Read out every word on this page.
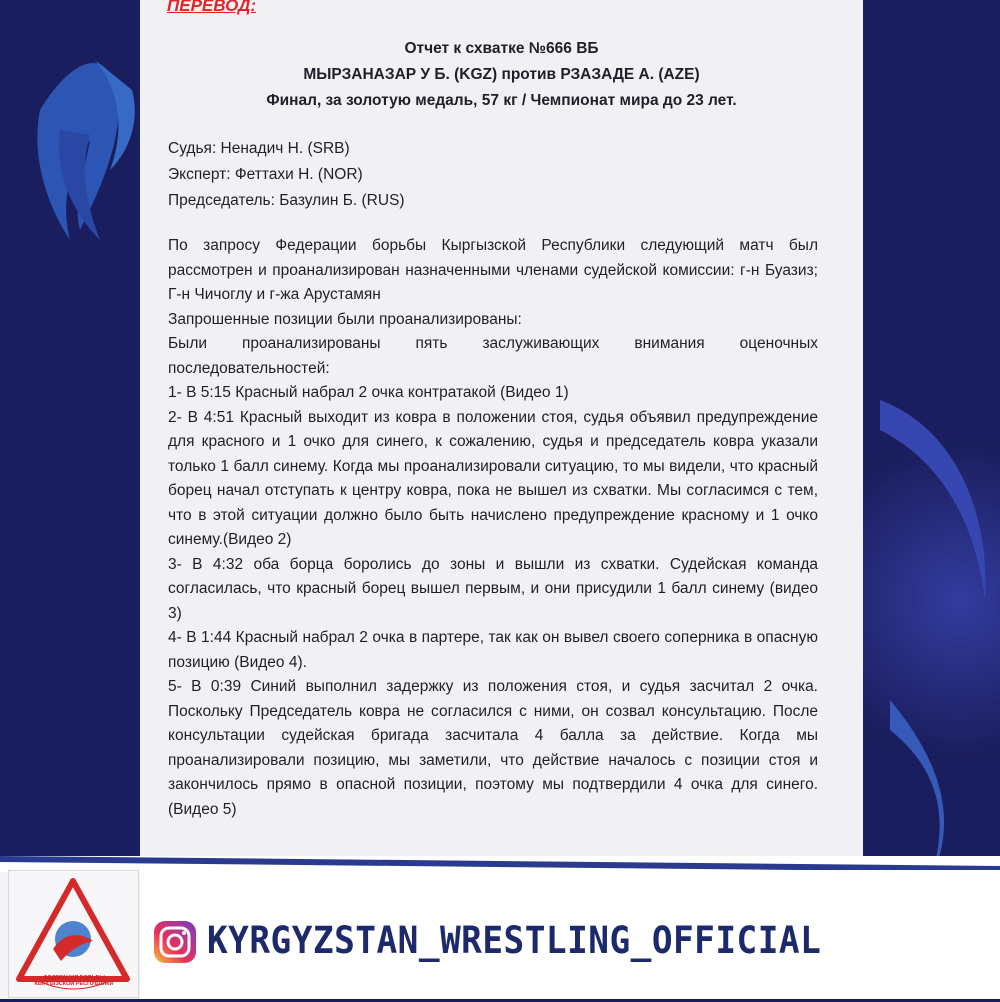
ПЕРЕВОД:

Отчет к схватке №666 ВБ
МЫРЗАНАЗАР У Б. (KGZ) против РЗАЗАДЕ А. (AZE)
Финал, за золотую медаль, 57 кг / Чемпионат мира до 23 лет.
Судья: Ненадич Н. (SRB)
Эксперт: Феттахи Н. (NOR)
Председатель: Базулин Б. (RUS)

По запросу Федерации борьбы Кыргызской Республики следующий матч был рассмотрен и проанализирован назначенными членами судейской комиссии: г-н Буазиз; Г-н Чичоглу и г-жа Арустамян

Запрошенные позиции были проанализированы:

Были проанализированы пять заслуживающих внимания оценочных последовательностей:

1- В 5:15 Красный набрал 2 очка контратакой (Видео 1)

2- В 4:51 Красный выходит из ковра в положении стоя, судья объявил предупреждение для красного и 1 очко для синего, к сожалению, судья и председатель ковра указали только 1 балл синему. Когда мы проанализировали ситуацию, то мы видели, что красный борец начал отступать к центру ковра, пока не вышел из схватки. Мы согласимся с тем, что в этой ситуации должно было быть начислено предупреждение красному и 1 очко синему.(Видео 2)

3- В 4:32 оба борца боролись до зоны и вышли из схватки. Судейская команда согласилась, что красный борец вышел первым, и они присудили 1 балл синему (видео 3)

4- В 1:44 Красный набрал 2 очка в партере, так как он вывел своего соперника в опасную позицию (Видео 4).

5- В 0:39 Синий выполнил задержку из положения стоя, и судья засчитал 2 очка. Поскольку Председатель ковра не согласился с ними, он созвал консультацию. После консультации судейская бригада засчитала 4 балла за действие. Когда мы проанализировали позицию, мы заметили, что действие началось с позиции стоя и закончилось прямо в опасной позиции, поэтому мы подтвердили 4 очка для синего. (Видео 5)

ФЕДЕРАЦИЯ БОРЬБЫ КЫРГЫЗСКОЙ РЕСПУБЛИКИ
KYRGYZSTAN_WRESTLING_OFFICIAL
